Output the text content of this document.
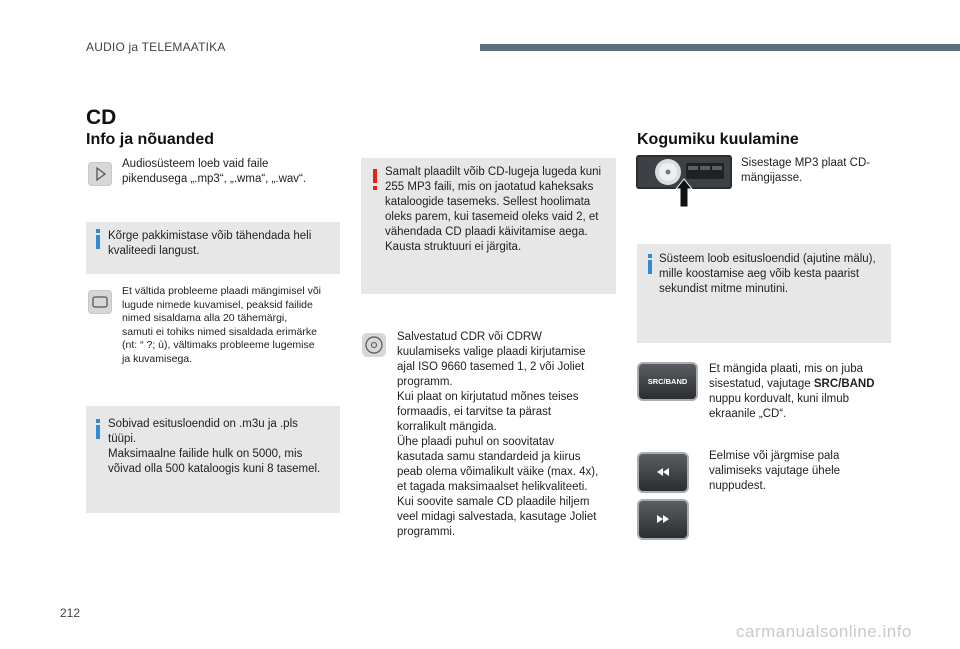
AUDIO ja TELEMAATIKA
CD
Info ja nõuanded
Audiosüsteem loeb vaid faile
pikendusega „.mp3“, „.wma“, „.wav“.
Kõrge pakkimistase võib tähendada heli
kvaliteedi langust.
Et vältida probleeme plaadi mängimisel või
lugude nimede kuvamisel, peaksid failide
nimed sisaldama alla 20 tähemärgi,
samuti ei tohiks nimed sisaldada erimärke
(nt: “ ?; ù), vältimaks probleeme lugemise
ja kuvamisega.
Sobivad esitusloendid on .m3u ja .pls
tüüpi.
Maksimaalne failide hulk on 5000, mis
võivad olla 500 kataloogis kuni 8 tasemel.
Samalt plaadilt võib CD-lugeja lugeda kuni
255 MP3 faili, mis on jaotatud kaheksaks
kataloogide tasemeks. Sellest hoolimata
oleks parem, kui tasemeid oleks vaid 2, et
vähendada CD plaadi käivitamise aega.
Kausta struktuuri ei järgita.
Salvestatud CDR või CDRW
kuulamiseks valige plaadi kirjutamise
ajal ISO 9660 tasemed 1, 2 või Joliet
programm.
Kui plaat on kirjutatud mõnes teises
formaadis, ei tarvitse ta pärast
korralikult mängida.
Ühe plaadi puhul on soovitatav
kasutada samu standardeid ja kiirus
peab olema võimalikult väike (max. 4x),
et tagada maksimaalset helikvaliteeti.
Kui soovite samale CD plaadile hiljem
veel midagi salvestada, kasutage Joliet
programmi.
Kogumiku kuulamine
Sisestage MP3 plaat CD-
mängijasse.
Süsteem loob esitusloendid (ajutine mälu),
mille koostamise aeg võib kesta paarist
sekundist mitme minutini.
SRC/BAND
Et mängida plaati, mis on juba
sisestatud, vajutage SRC/BAND
nuppu korduvalt, kuni ilmub
ekraanile „CD“.
Eelmise või järgmise pala
valimiseks vajutage ühele
nuppudest.
212
carmanualsonline.info
